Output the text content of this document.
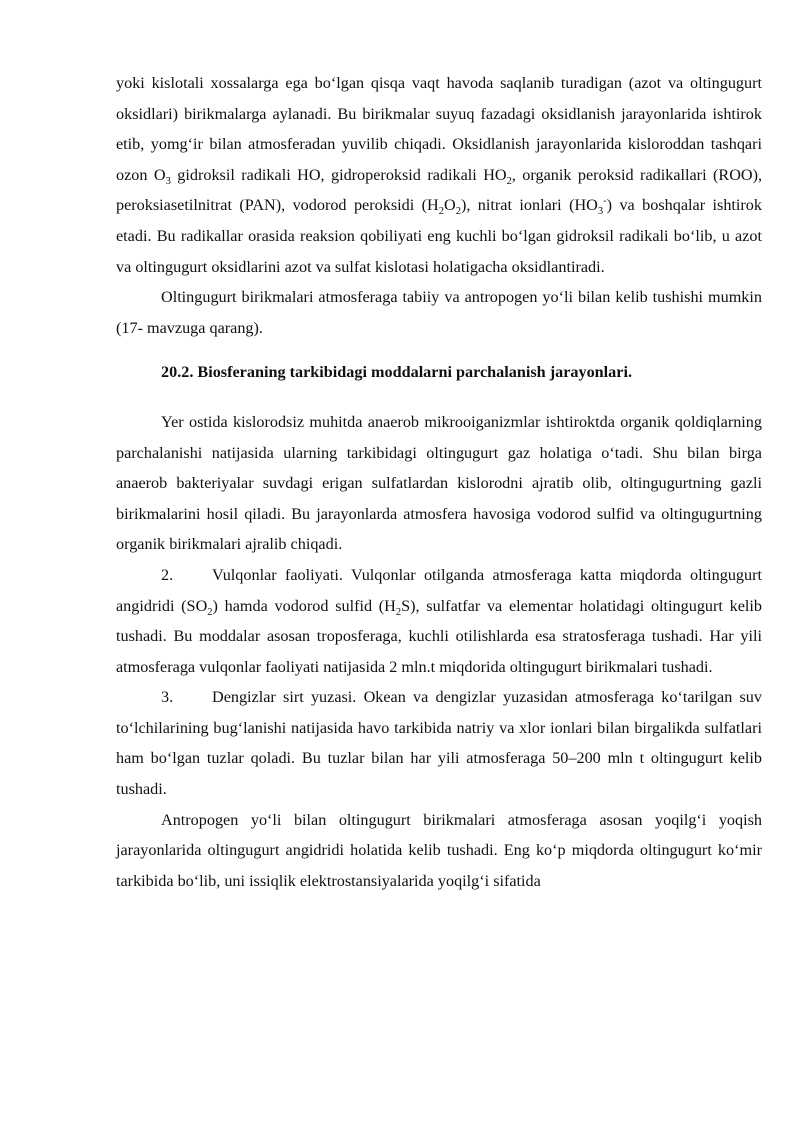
yoki kislotali xossalarga ega bo‘lgan qisqa vaqt havoda saqlanib turadigan (azot va oltingugurt oksidlari) birikmalarga aylanadi. Bu birikmalar suyuq fazadagi oksidlanish jarayonlarida ishtirok etib, yomg‘ir bilan atmosferadan yuvilib chiqadi. Oksidlanish jarayonlarida kisloroddan tashqari ozon $O_3$ gidroksil radikali HO, gidroperoksid radikali $HO_2$, organik peroksid radikallari (ROO), peroksiasetilnitrat (PAN), vodorod peroksidi $(H_2O_2)$, nitrat ionlari $(HO_3^-)$ va boshqalar ishtirok etadi. Bu radikallar orasida reaksion qobiliyati eng kuchli bo‘lgan gidroksil radikali bo‘lib, u azot va oltingugurt oksidlarini azot va sulfat kislotasi holatigacha oksidlantiradi.

Oltingugurt birikmalari atmosferaga tabiiy va antropogen yo‘li bilan kelib tushishi mumkin (17- mavzuga qarang).

20.2. Biosferaning tarkibidagi moddalarni parchalanish jarayonlari.

Yer ostida kislorodsiz muhitda anaerob mikrooiganizmlar ishtiroktda organik qoldiqlarning parchalanishi natijasida ularning tarkibidagi oltingugurt gaz holatiga o‘tadi. Shu bilan birga anaerob bakteriyalar suvdagi erigan sulfatlardan kislorodni ajratib olib, oltingugurtning gazli birikmalarini hosil qiladi. Bu jarayonlarda atmosfera havosiga vodorod sulfid va oltingugurtning organik birikmalari ajralib chiqadi.

2. Vulqonlar faoliyati. Vulqonlar otilganda atmosferaga katta miqdorda oltingugurt angidridi $(SO_2)$ hamda vodorod sulfid $(H_2S)$, sulfatfar va elementar holatidagi oltingugurt kelib tushadi. Bu moddalar asosan troposferaga, kuchli otilishlarda esa stratosferaga tushadi. Har yili atmosferaga vulqonlar faoliyati natijasida 2 mln.t miqdorida oltingugurt birikmalari tushadi.

3. Dengizlar sirt yuzasi. Okean va dengizlar yuzasidan atmosferaga ko‘tarilgan suv to‘lchilarining bug‘lanishi natijasida havo tarkibida natriy va xlor ionlari bilan birgalikda sulfatlari ham bo‘lgan tuzlar qoladi. Bu tuzlar bilan har yili atmosferaga 50–200 mln t oltingugurt kelib tushadi.

Antropogen yo‘li bilan oltingugurt birikmalari atmosferaga asosan yoqilg‘i yoqish jarayonlarida oltingugurt angidridi holatida kelib tushadi. Eng ko‘p miqdorda oltingugurt ko‘mir tarkibida bo‘lib, uni issiqlik elektrostansiyalarida yoqilg‘i sifatida
